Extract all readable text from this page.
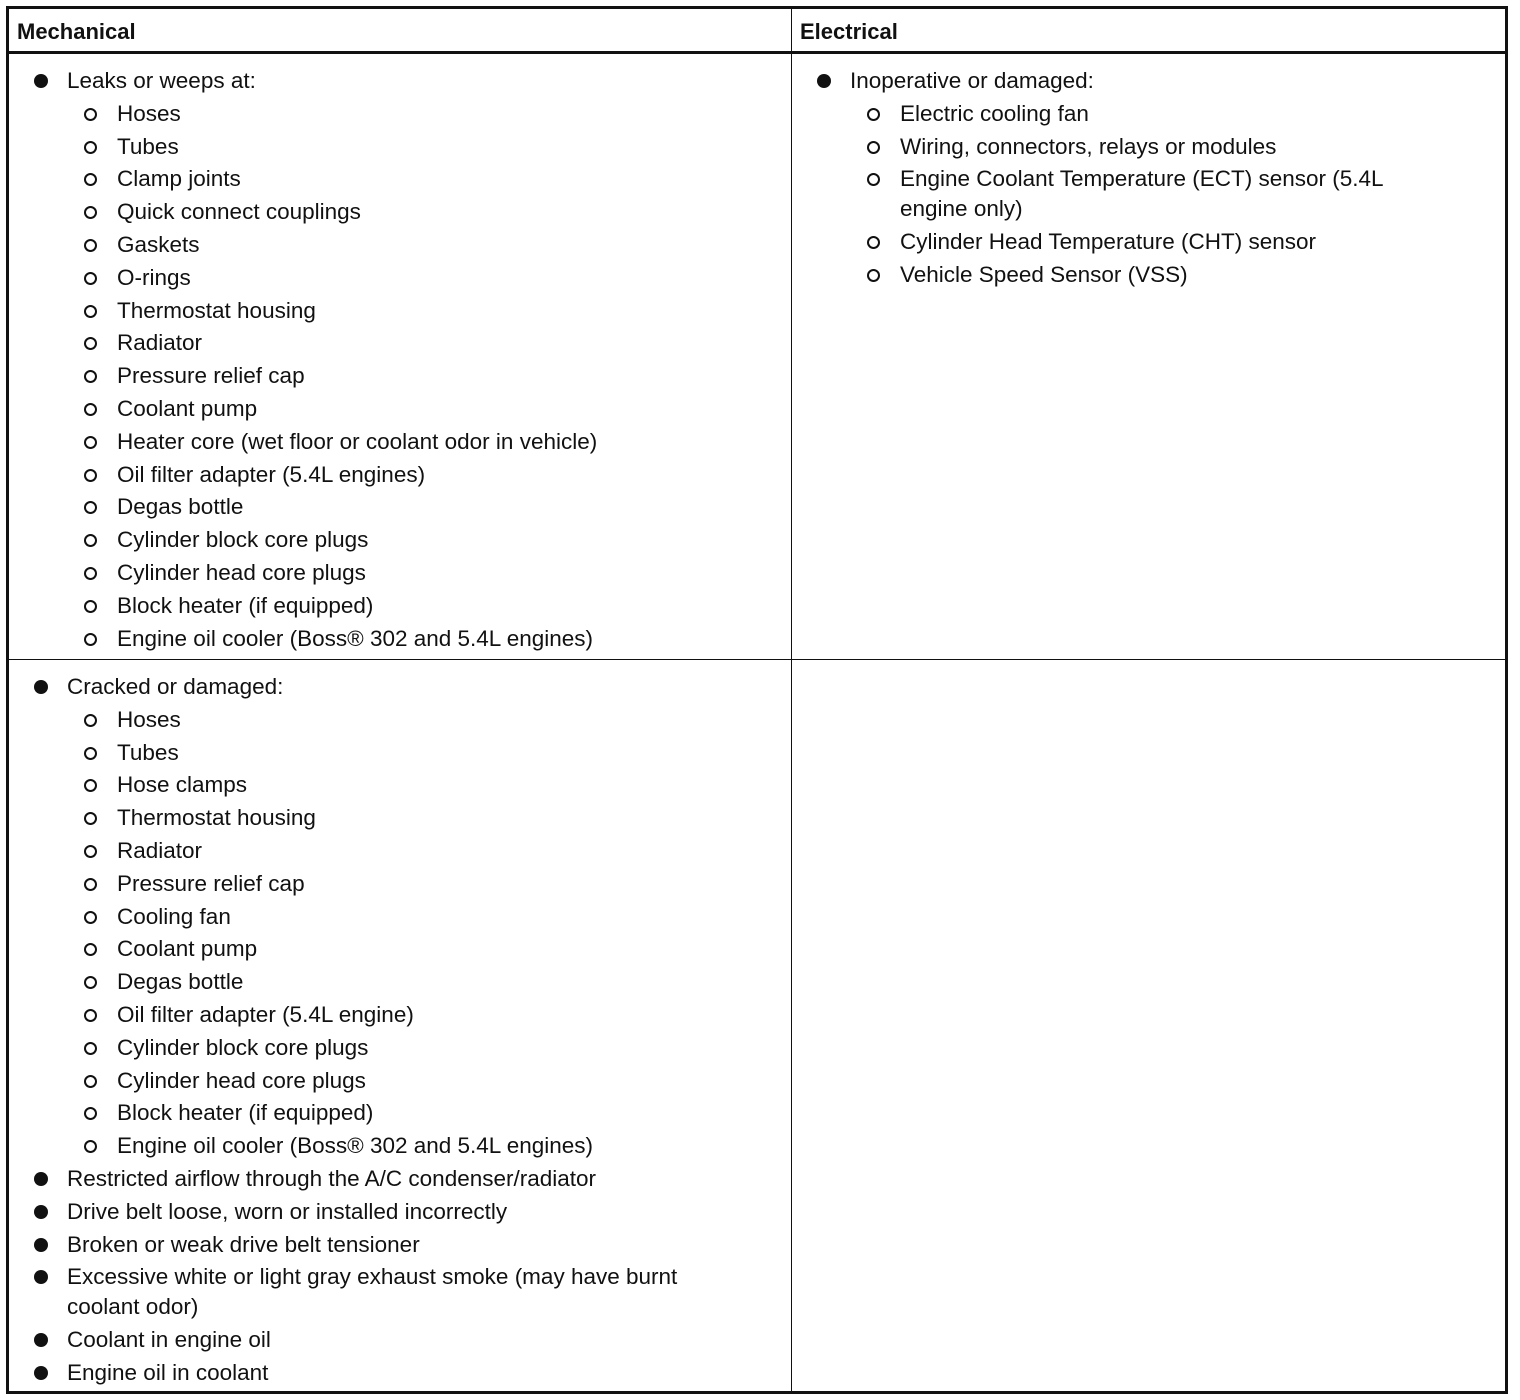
Mechanical	Electrical
Leaks or weeps at:
Hoses
Tubes
Clamp joints
Quick connect couplings
Gaskets
O-rings
Thermostat housing
Radiator
Pressure relief cap
Coolant pump
Heater core (wet floor or coolant odor in vehicle)
Oil filter adapter (5.4L engines)
Degas bottle
Cylinder block core plugs
Cylinder head core plugs
Block heater (if equipped)
Engine oil cooler (Boss® 302 and 5.4L engines)
Inoperative or damaged:
Electric cooling fan
Wiring, connectors, relays or modules
Engine Coolant Temperature (ECT) sensor (5.4L engine only)
Cylinder Head Temperature (CHT) sensor
Vehicle Speed Sensor (VSS)
Cracked or damaged:
Hoses
Tubes
Hose clamps
Thermostat housing
Radiator
Pressure relief cap
Cooling fan
Coolant pump
Degas bottle
Oil filter adapter (5.4L engine)
Cylinder block core plugs
Cylinder head core plugs
Block heater (if equipped)
Engine oil cooler (Boss® 302 and 5.4L engines)
Restricted airflow through the A/C condenser/radiator
Drive belt loose, worn or installed incorrectly
Broken or weak drive belt tensioner
Excessive white or light gray exhaust smoke (may have burnt coolant odor)
Coolant in engine oil
Engine oil in coolant
